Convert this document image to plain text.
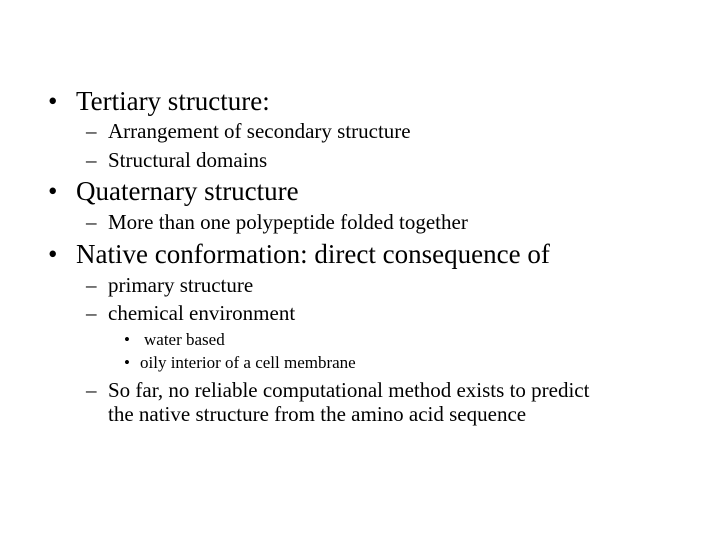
• Tertiary structure:
– Arrangement of secondary structure
– Structural domains
• Quaternary structure
– More than one polypeptide folded together
• Native conformation: direct consequence of
– primary structure
– chemical environment
• water based
• oily interior of a cell membrane
– So far, no reliable computational method exists to predict
the native structure from the amino acid sequence
